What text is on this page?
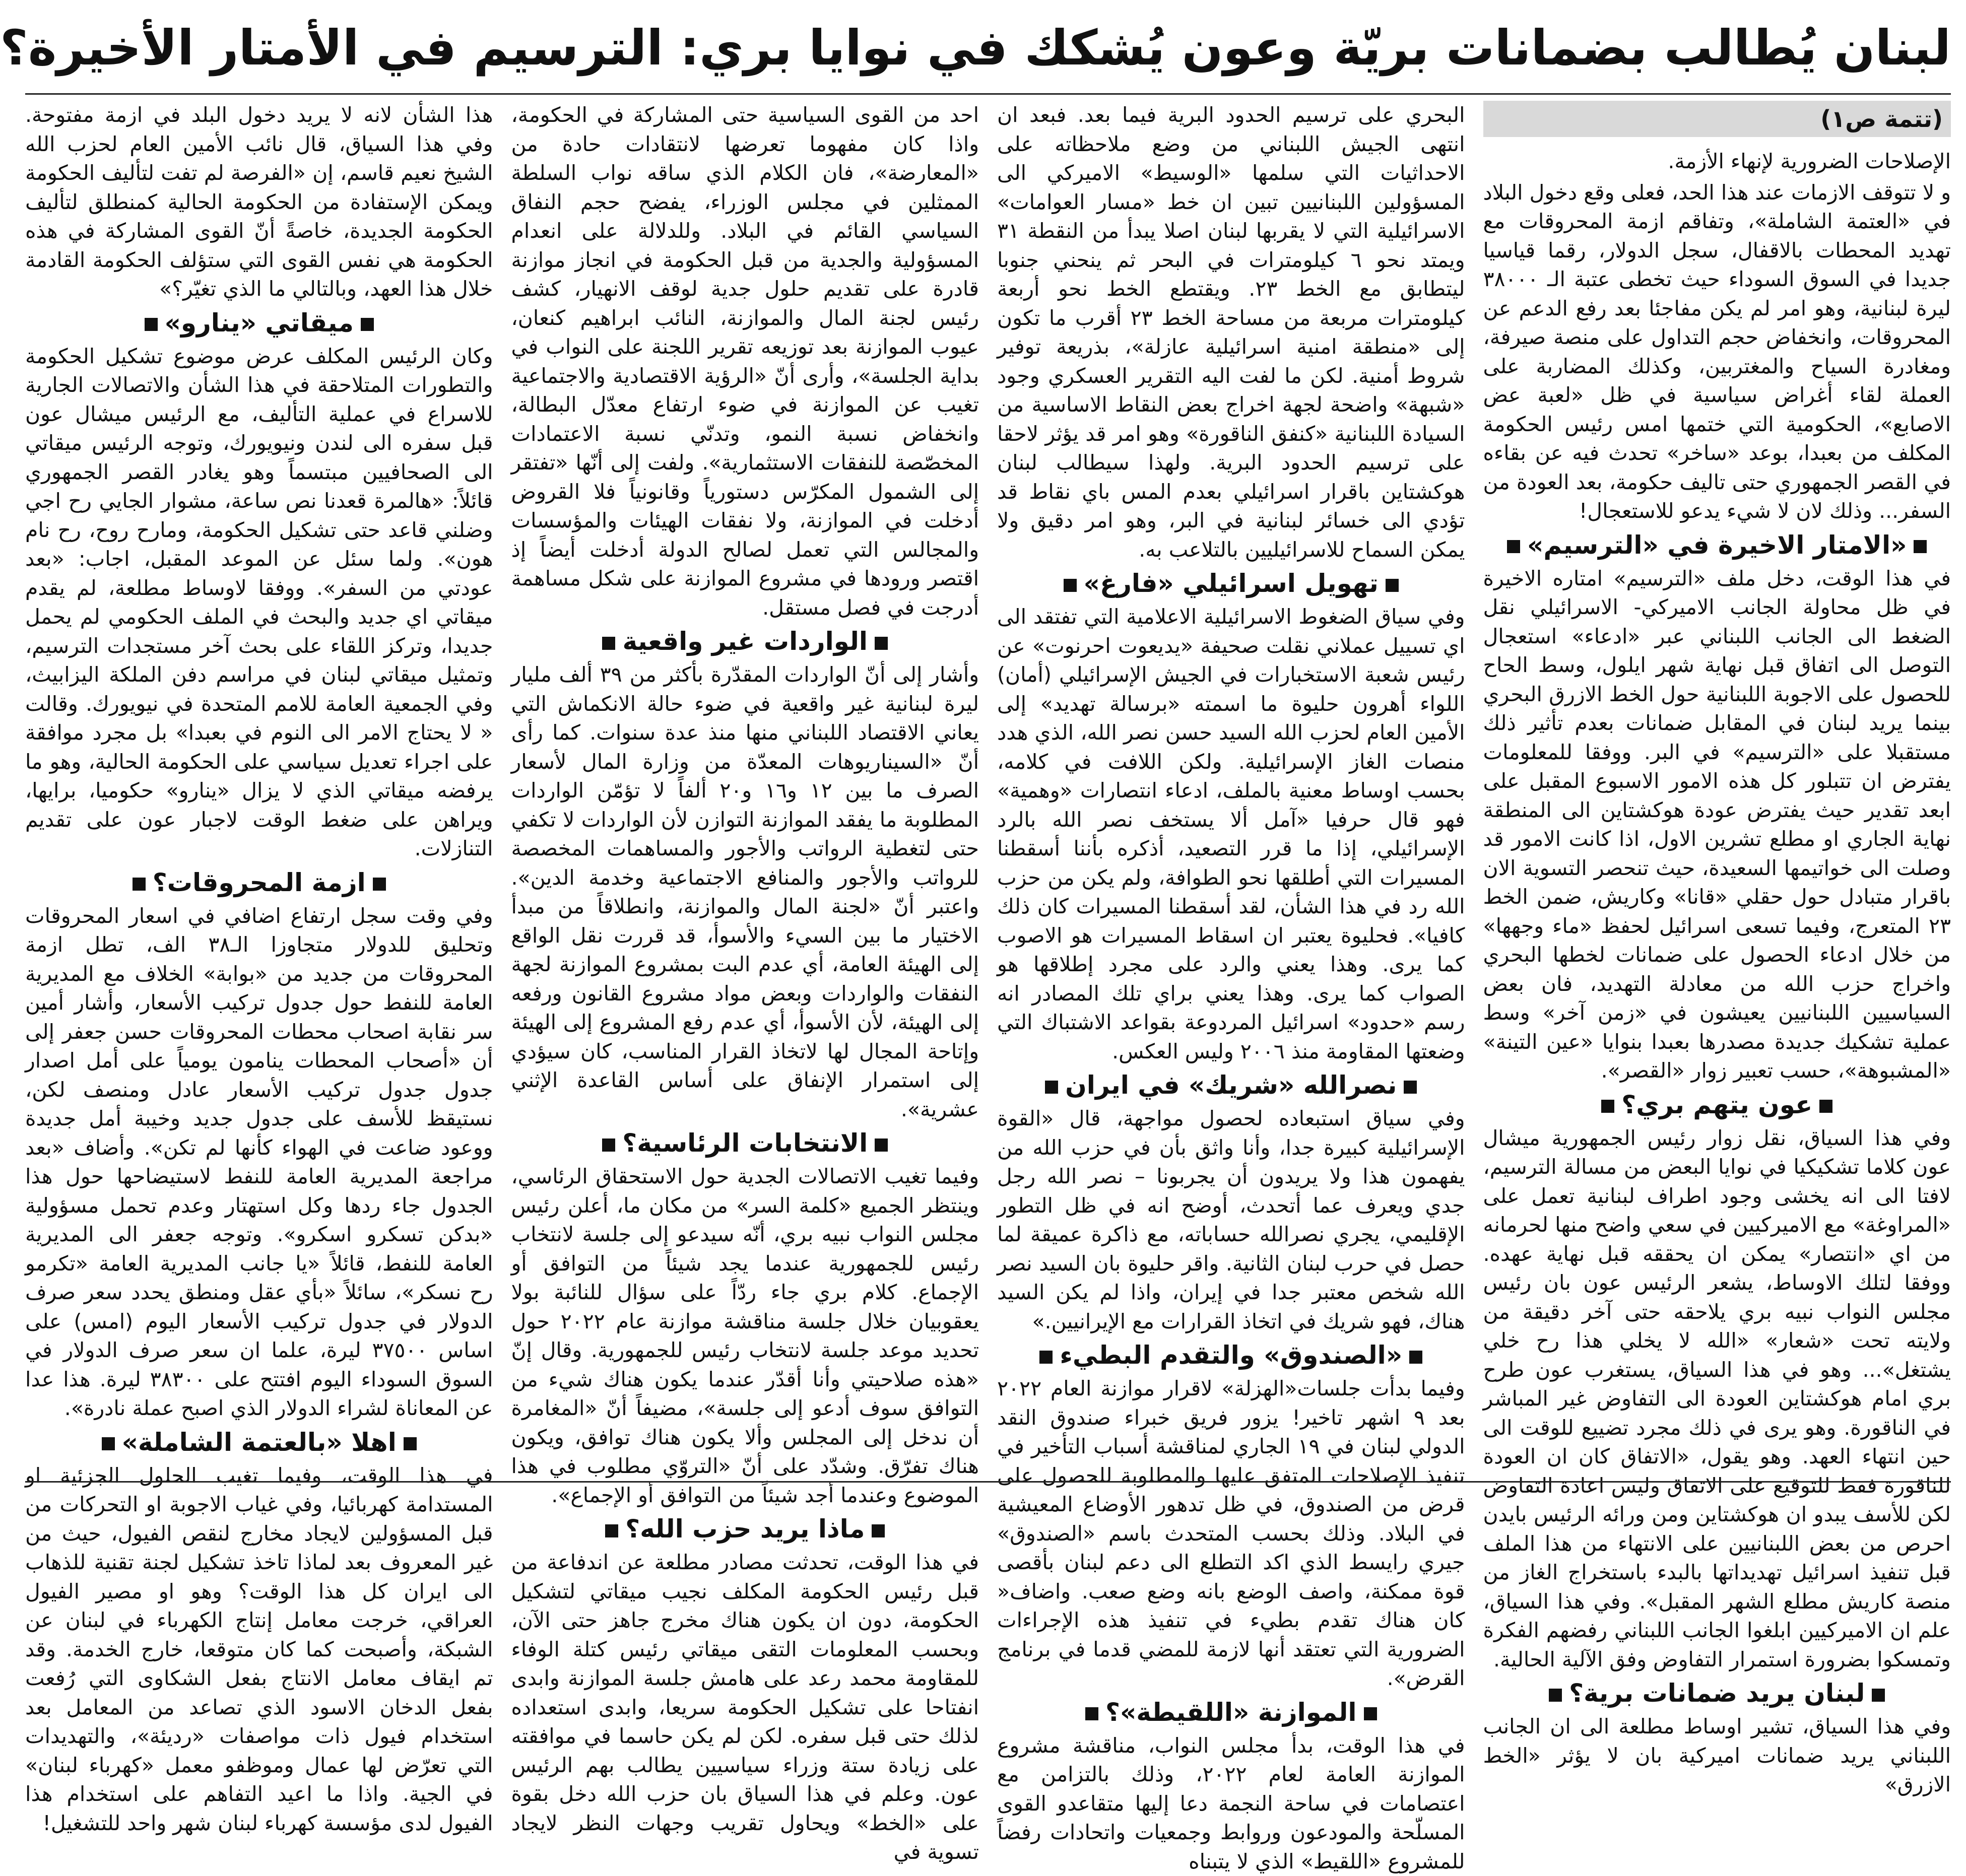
لبنان يُطالب بضمانات بريّة وعون يُشكك في نوايا بري: الترسيم في الأمتار الأخيرة؟
(تتمة ص١)

الإصلاحات الضرورية لإنهاء الأزمة.

و لا تتوقف الازمات عند هذا الحد، فعلى وقع دخول البلاد في «العتمة الشاملة»، وتفاقم ازمة المحروقات مع تهديد المحطات بالاقفال، سجل الدولار، رقما قياسيا جديدا في السوق السوداء حيث تخطى عتبة الـ ٣٨٠٠٠ ليرة لبنانية، وهو امر لم يكن مفاجئا بعد رفع الدعم عن المحروقات، وانخفاض حجم التداول على منصة صيرفة، ومغادرة السياح والمغتربين، وكذلك المضاربة على العملة لقاء أغراض سياسية في ظل «لعبة عض الاصابع»، الحكومية التي ختمها امس رئيس الحكومة المكلف من بعبدا، بوعد «ساخر» تحدث فيه عن بقاءه في القصر الجمهوري حتى تاليف حكومة، بعد العودة من السفر... وذلك لان لا شيء يدعو للاستعجال!

«الامتار الاخيرة في «الترسيم»

في هذا الوقت، دخل ملف «الترسيم» امتاره الاخيرة في ظل محاولة الجانب الاميركي- الاسرائيلي نقل الضغط الى الجانب اللبناني عبر «ادعاء» استعجال التوصل الى اتفاق قبل نهاية شهر ايلول، وسط الحاح للحصول على الاجوبة اللبنانية حول الخط الازرق البحري بينما يريد لبنان في المقابل ضمانات بعدم تأثير ذلك مستقبلا على «الترسيم» في البر. ووفقا للمعلومات يفترض ان تتبلور كل هذه الامور الاسبوع المقبل على ابعد تقدير حيث يفترض عودة هوكشتاين الى المنطقة نهاية الجاري او مطلع تشرين الاول، اذا كانت الامور قد وصلت الى خواتيمها السعيدة، حيث تنحصر التسوية الان باقرار متبادل حول حقلي «قانا» وكاريش، ضمن الخط ٢٣ المتعرج، وفيما تسعى اسرائيل لحفظ «ماء وجهها» من خلال ادعاء الحصول على ضمانات لخطها البحري واخراج حزب الله من معادلة التهديد، فان بعض السياسيين اللبنانيين يعيشون في «زمن آخر» وسط عملية تشكيك جديدة مصدرها بعبدا بنوايا «عين التينة» «المشبوهة»، حسب تعبير زوار «القصر».

عون يتهم بري؟

وفي هذا السياق، نقل زوار رئيس الجمهورية ميشال عون كلاما تشكيكيا في نوايا البعض من مسالة الترسيم، لافتا الى انه يخشى وجود اطراف لبنانية تعمل على «المراوغة» مع الاميركيين في سعي واضح منها لحرمانه من اي «انتصار» يمكن ان يحققه قبل نهاية عهده. ووفقا لتلك الاوساط، يشعر الرئيس عون بان رئيس مجلس النواب نبيه بري يلاحقه حتى آخر دقيقة من ولايته تحت «شعار» «الله لا يخلي هذا رح خلي يشتغل»... وهو في هذا السياق، يستغرب عون طرح بري امام هوكشتاين العودة الى التفاوض غير المباشر في الناقورة. وهو يرى في ذلك مجرد تضييع للوقت الى حين انتهاء العهد. وهو يقول، «الاتفاق كان ان العودة للناقورة فقط للتوقيع على الاتفاق وليس اعادة التفاوض لكن للأسف يبدو ان هوكشتاين ومن ورائه الرئيس بايدن احرص من بعض اللبنانيين على الانتهاء من هذا الملف قبل تنفيذ اسرائيل تهديداتها بالبدء باستخراج الغاز من منصة كاريش مطلع الشهر المقبل». وفي هذا السياق، علم ان الاميركيين ابلغوا الجانب اللبناني رفضهم الفكرة وتمسكوا بضرورة استمرار التفاوض وفق الآلية الحالية.

لبنان يريد ضمانات برية؟

وفي هذا السياق، تشير اوساط مطلعة الى ان الجانب اللبناني يريد ضمانات اميركية بان لا يؤثر «الخط الازرق»

البحري على ترسيم الحدود البرية فيما بعد. فبعد ان انتهى الجيش اللبناني من وضع ملاحظاته على الاحداثيات التي سلمها «الوسيط» الاميركي الى المسؤولين اللبنانيين تبين ان خط «مسار العوامات» الاسرائيلية التي لا يقربها لبنان اصلا يبدأ من النقطة ٣١ ويمتد نحو ٦ كيلومترات في البحر ثم ينحني جنوبا ليتطابق مع الخط ٢٣. ويقتطع الخط نحو أربعة كيلومترات مربعة من مساحة الخط ٢٣ أقرب ما تكون إلى «منطقة امنية اسرائيلية عازلة»، بذريعة توفير شروط أمنية. لكن ما لفت اليه التقرير العسكري وجود «شبهة» واضحة لجهة اخراج بعض النقاط الاساسية من السيادة اللبنانية «كنفق الناقورة» وهو امر قد يؤثر لاحقا على ترسيم الحدود البرية. ولهذا سيطالب لبنان هوكشتاين باقرار اسرائيلي بعدم المس باي نقاط قد تؤدي الى خسائر لبنانية في البر، وهو امر دقيق ولا يمكن السماح للاسرائيليين بالتلاعب به.

تهويل اسرائيلي «فارغ»

وفي سياق الضغوط الاسرائيلية الاعلامية التي تفتقد الى اي تسييل عملاني نقلت صحيفة «يديعوت احرنوت» عن رئيس شعبة الاستخبارات في الجيش الإسرائيلي (أمان) اللواء أهرون حليوة ما اسمته «برسالة تهديد» إلى الأمين العام لحزب الله السيد حسن نصر الله، الذي هدد منصات الغاز الإسرائيلية. ولكن اللافت في كلامه، بحسب اوساط معنية بالملف، ادعاء انتصارات «وهمية» فهو قال حرفيا «آمل ألا يستخف نصر الله بالرد الإسرائيلي، إذا ما قرر التصعيد، أذكره بأننا أسقطنا المسيرات التي أطلقها نحو الطوافة، ولم يكن من حزب الله رد في هذا الشأن، لقد أسقطنا المسيرات كان ذلك كافيا». فحليوة يعتبر ان اسقاط المسيرات هو الاصوب كما يرى. وهذا يعني والرد على مجرد إطلاقها هو الصواب كما يرى. وهذا يعني براي تلك المصادر انه رسم «حدود» اسرائيل المردوعة بقواعد الاشتباك التي وضعتها المقاومة منذ ٢٠٠٦ وليس العكس.

نصرالله «شريك» في ايران

وفي سياق استبعاده لحصول مواجهة، قال «القوة الإسرائيلية كبيرة جدا، وأنا واثق بأن في حزب الله من يفهمون هذا ولا يريدون أن يجربونا – نصر الله رجل جدي ويعرف عما أتحدث، أوضح انه في ظل التطور الإقليمي، يجري نصرالله حساباته، مع ذاكرة عميقة لما حصل في حرب لبنان الثانية. واقر حليوة بان السيد نصر الله شخص معتبر جدا في إيران، واذا لم يكن السيد هناك، فهو شريك في اتخاذ القرارات مع الإيرانيين.»

«الصندوق» والتقدم البطيء

وفيما بدأت جلسات«الهزلة» لاقرار موازنة العام ٢٠٢٢ بعد ٩ اشهر تاخير! يزور فريق خبراء صندوق النقد الدولي لبنان في ١٩ الجاري لمناقشة أسباب التأخير في تنفيذ الإصلاحات المتفق عليها والمطلوبة للحصول على قرض من الصندوق، في ظل تدهور الأوضاع المعيشية في البلاد. وذلك بحسب المتحدث باسم «الصندوق» جيري رايسط الذي اكد التطلع الى دعم لبنان بأقصى قوة ممكنة، واصف الوضع بانه وضع صعب. واضاف« كان هناك تقدم بطيء في تنفيذ هذه الإجراءات الضرورية التي تعتقد أنها لازمة للمضي قدما في برنامج القرض».

الموازنة «اللقيطة»؟

في هذا الوقت، بدأ مجلس النواب، مناقشة مشروع الموازنة العامة لعام ٢٠٢٢، وذلك بالتزامن مع اعتصامات في ساحة النجمة دعا إليها متقاعدو القوى المسلّحة والمودعون وروابط وجمعيات واتحادات رفضاً للمشروع «اللقيط» الذي لا يتبناه

احد من القوى السياسية حتى المشاركة في الحكومة، واذا كان مفهوما تعرضها لانتقادات حادة من «المعارضة»، فان الكلام الذي ساقه نواب السلطة الممثلين في مجلس الوزراء، يفضح حجم النفاق السياسي القائم في البلاد. وللدلالة على انعدام المسؤولية والجدية من قبل الحكومة في انجاز موازنة قادرة على تقديم حلول جدية لوقف الانهيار، كشف رئيس لجنة المال والموازنة، النائب ابراهيم كنعان، عيوب الموازنة بعد توزيعه تقرير اللجنة على النواب في بداية الجلسة»، وأرى أنّ «الرؤية الاقتصادية والاجتماعية تغيب عن الموازنة في ضوء ارتفاع معدّل البطالة، وانخفاض نسبة النمو، وتدنّي نسبة الاعتمادات المخصّصة للنفقات الاستثمارية». ولفت إلى أنّها «تفتقر إلى الشمول المكرّس دستورياً وقانونياً فلا القروض أدخلت في الموازنة، ولا نفقات الهيئات والمؤسسات والمجالس التي تعمل لصالح الدولة أدخلت أيضاً إذ اقتصر ورودها في مشروع الموازنة على شكل مساهمة أدرجت في فصل مستقل.

الواردات غير واقعية

وأشار إلى أنّ الواردات المقدّرة بأكثر من ٣٩ ألف مليار ليرة لبنانية غير واقعية في ضوء حالة الانكماش التي يعاني الاقتصاد اللبناني منها منذ عدة سنوات. كما رأى أنّ «السيناريوهات المعدّة من وزارة المال لأسعار الصرف ما بين ١٢ و١٦ و٢٠ ألفاً لا تؤمّن الواردات المطلوبة ما يفقد الموازنة التوازن لأن الواردات لا تكفي حتى لتغطية الرواتب والأجور والمساهمات المخصصة للرواتب والأجور والمنافع الاجتماعية وخدمة الدين». واعتبر أنّ «لجنة المال والموازنة، وانطلاقاً من مبدأ الاختيار ما بين السيء والأسوأ، قد قررت نقل الواقع إلى الهيئة العامة، أي عدم البت بمشروع الموازنة لجهة النفقات والواردات وبعض مواد مشروع القانون ورفعه إلى الهيئة، لأن الأسوأ، أي عدم رفع المشروع إلى الهيئة وإتاحة المجال لها لاتخاذ القرار المناسب، كان سيؤدي إلى استمرار الإنفاق على أساس القاعدة الإثني عشرية».

الانتخابات الرئاسية؟

وفيما تغيب الاتصالات الجدية حول الاستحقاق الرئاسي، وينتظر الجميع «كلمة السر» من مكان ما، أعلن رئيس مجلس النواب نبيه بري، أنّه سيدعو إلى جلسة لانتخاب رئيس للجمهورية عندما يجد شيئاً من التوافق أو الإجماع. كلام بري جاء ردّاً على سؤال للنائبة بولا يعقوبيان خلال جلسة مناقشة موازنة عام ٢٠٢٢ حول تحديد موعد جلسة لانتخاب رئيس للجمهورية. وقال إنّ «هذه صلاحيتي وأنا أقدّر عندما يكون هناك شيء من التوافق سوف أدعو إلى جلسة»، مضيفاً أنّ «المغامرة أن ندخل إلى المجلس وألا يكون هناك توافق، ويكون هناك تفرّق. وشدّد على أنّ «التروّي مطلوب في هذا الموضوع وعندما أجد شيئاً من التوافق أو الإجماع».

ماذا يريد حزب الله؟

في هذا الوقت، تحدثت مصادر مطلعة عن اندفاعة من قبل رئيس الحكومة المكلف نجيب ميقاتي لتشكيل الحكومة، دون ان يكون هناك مخرج جاهز حتى الآن، وبحسب المعلومات التقى ميقاتي رئيس كتلة الوفاء للمقاومة محمد رعد على هامش جلسة الموازنة وابدى انفتاحا على تشكيل الحكومة سريعا، وابدى استعداده لذلك حتى قبل سفره. لكن لم يكن حاسما في موافقته على زيادة ستة وزراء سياسيين يطالب بهم الرئيس عون. وعلم في هذا السياق بان حزب الله دخل بقوة على «الخط» ويحاول تقريب وجهات النظر لايجاد تسوية في

هذا الشأن لانه لا يريد دخول البلد في ازمة مفتوحة. وفي هذا السياق، قال نائب الأمين العام لحزب الله الشيخ نعيم قاسم، إن «الفرصة لم تفت لتأليف الحكومة ويمكن الإستفادة من الحكومة الحالية كمنطلق لتأليف الحكومة الجديدة، خاصةً أنّ القوى المشاركة في هذه الحكومة هي نفس القوى التي ستؤلف الحكومة القادمة خلال هذا العهد، وبالتالي ما الذي تغيّر؟»

ميقاتي «ينارو»

وكان الرئيس المكلف عرض موضوع تشكيل الحكومة والتطورات المتلاحقة في هذا الشأن والاتصالات الجارية للاسراع في عملية التأليف، مع الرئيس ميشال عون قبل سفره الى لندن ونيويورك، وتوجه الرئيس ميقاتي الى الصحافيين مبتسماً وهو يغادر القصر الجمهوري قائلاً: «هالمرة قعدنا نص ساعة، مشوار الجايي رح اجي وضلني قاعد حتى تشكيل الحكومة، ومارح روح، رح نام هون». ولما سئل عن الموعد المقبل، اجاب: «بعد عودتي من السفر». ووفقا لاوساط مطلعة، لم يقدم ميقاتي اي جديد والبحث في الملف الحكومي لم يحمل جديدا، وتركز اللقاء على بحث آخر مستجدات الترسيم، وتمثيل ميقاتي لبنان في مراسم دفن الملكة اليزابيث، وفي الجمعية العامة للامم المتحدة في نيويورك. وقالت « لا يحتاج الامر الى النوم في بعبدا» بل مجرد موافقة على اجراء تعديل سياسي على الحكومة الحالية، وهو ما يرفضه ميقاتي الذي لا يزال «ينارو» حكوميا، برايها، ويراهن على ضغط الوقت لاجبار عون على تقديم التنازلات.

ازمة المحروقات؟

وفي وقت سجل ارتفاع اضافي في اسعار المحروقات وتحليق للدولار متجاوزا الـ٣٨ الف، تطل ازمة المحروقات من جديد من «بوابة» الخلاف مع المديرية العامة للنفط حول جدول تركيب الأسعار، وأشار أمين سر نقابة اصحاب محطات المحروقات حسن جعفر إلى أن «أصحاب المحطات ينامون يومياً على أمل اصدار جدول جدول تركيب الأسعار عادل ومنصف لكن، نستيقظ للأسف على جدول جديد وخيبة أمل جديدة ووعود ضاعت في الهواء كأنها لم تكن». وأضاف «بعد مراجعة المديرية العامة للنفط لاستيضاحها حول هذا الجدول جاء ردها وكل استهتار وعدم تحمل مسؤولية «بدكن تسكرو اسكرو». وتوجه جعفر الى المديرية العامة للنفط، قائلاً «يا جانب المديرية العامة «تكرمو رح نسكر»، سائلاً «بأي عقل ومنطق يحدد سعر صرف الدولار في جدول تركيب الأسعار اليوم (امس) على اساس ٣٧٥٠٠ ليرة، علما ان سعر صرف الدولار في السوق السوداء اليوم افتتح على ٣٨٣٠٠ ليرة. هذا عدا عن المعاناة لشراء الدولار الذي اصبح عملة نادرة».

اهلا «بالعتمة الشاملة»

في هذا الوقت، وفيما تغيب الحلول الجزئية او المستدامة كهربائيا، وفي غياب الاجوبة او التحركات من قبل المسؤولين لايجاد مخارج لنقص الفيول، حيث من غير المعروف بعد لماذا تاخذ تشكيل لجنة تقنية للذهاب الى ايران كل هذا الوقت؟ وهو او مصير الفيول العراقي، خرجت معامل إنتاج الكهرباء في لبنان عن الشبكة، وأصبحت كما كان متوقعا، خارج الخدمة. وقد تم ايقاف معامل الانتاج بفعل الشكاوى التي رُفعت بفعل الدخان الاسود الذي تصاعد من المعامل بعد استخدام فيول ذات مواصفات «رديئة»، والتهديدات التي تعرّض لها عمال وموظفو معمل «كهرباء لبنان» في الجية. واذا ما اعيد التفاهم على استخدام هذا الفيول لدى مؤسسة كهرباء لبنان شهر واحد للتشغيل!
